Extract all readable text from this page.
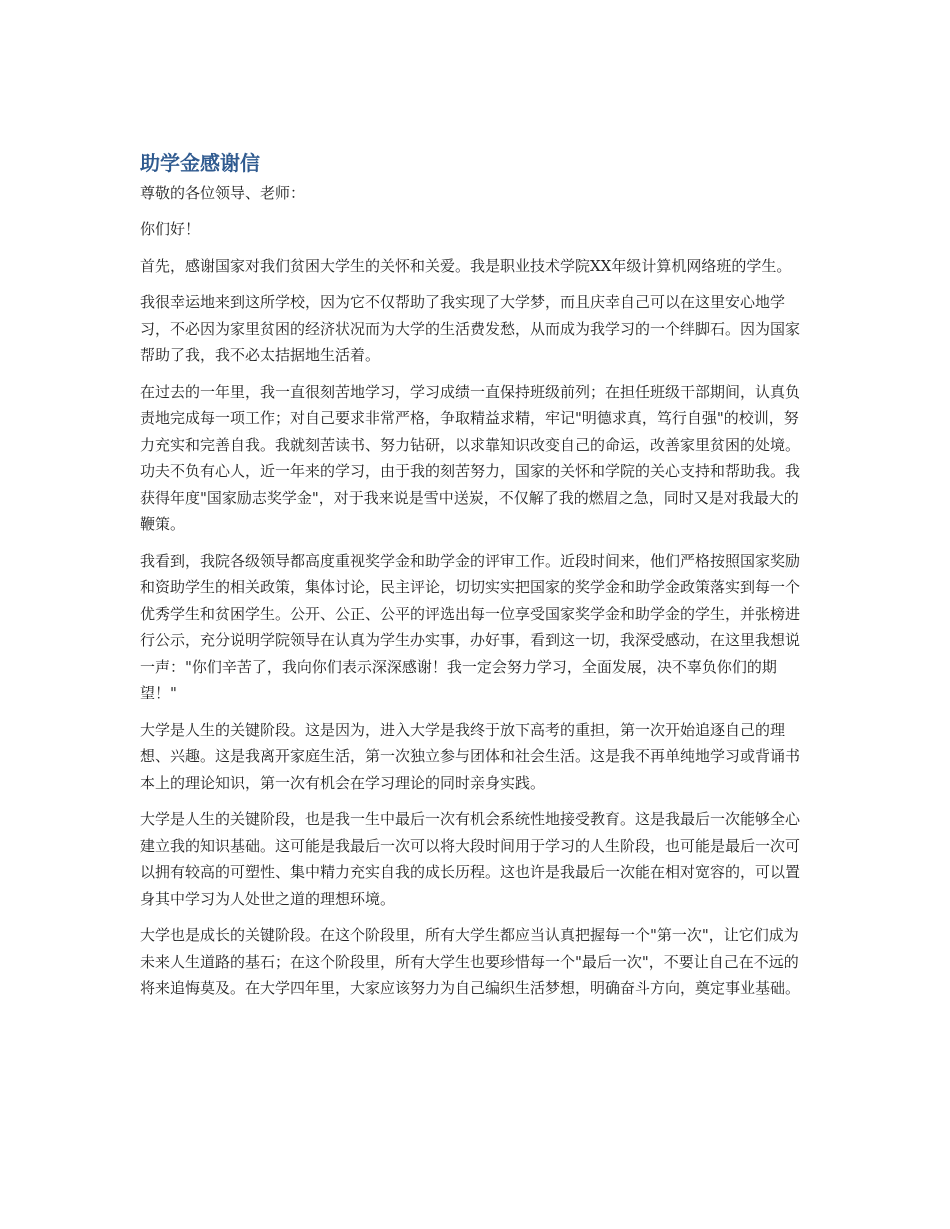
助学金感谢信

尊敬的各位领导、老师：

你们好！

首先，感谢国家对我们贫困大学生的关怀和关爱。我是职业技术学院XX年级计算机网络班的学生。

我很幸运地来到这所学校，因为它不仅帮助了我实现了大学梦，而且庆幸自己可以在这里安心地学习，不必因为家里贫困的经济状况而为大学的生活费发愁，从而成为我学习的一个绊脚石。因为国家帮助了我，我不必太拮据地生活着。

在过去的一年里，我一直很刻苦地学习，学习成绩一直保持班级前列；在担任班级干部期间，认真负责地完成每一项工作；对自己要求非常严格，争取精益求精，牢记"明德求真，笃行自强"的校训，努力充实和完善自我。我就刻苦读书、努力钻研，以求靠知识改变自己的命运，改善家里贫困的处境。功夫不负有心人，近一年来的学习，由于我的刻苦努力，国家的关怀和学院的关心支持和帮助我。我获得年度"国家励志奖学金"，对于我来说是雪中送炭，不仅解了我的燃眉之急，同时又是对我最大的鞭策。

我看到，我院各级领导都高度重视奖学金和助学金的评审工作。近段时间来，他们严格按照国家奖励和资助学生的相关政策，集体讨论，民主评论，切切实实把国家的奖学金和助学金政策落实到每一个优秀学生和贫困学生。公开、公正、公平的评选出每一位享受国家奖学金和助学金的学生，并张榜进行公示，充分说明学院领导在认真为学生办实事，办好事，看到这一切，我深受感动，在这里我想说一声："你们辛苦了，我向你们表示深深感谢！我一定会努力学习，全面发展，决不辜负你们的期望！"

大学是人生的关键阶段。这是因为，进入大学是我终于放下高考的重担，第一次开始追逐自己的理想、兴趣。这是我离开家庭生活，第一次独立参与团体和社会生活。这是我不再单纯地学习或背诵书本上的理论知识，第一次有机会在学习理论的同时亲身实践。

大学是人生的关键阶段，也是我一生中最后一次有机会系统性地接受教育。这是我最后一次能够全心建立我的知识基础。这可能是我最后一次可以将大段时间用于学习的人生阶段，也可能是最后一次可以拥有较高的可塑性、集中精力充实自我的成长历程。这也许是我最后一次能在相对宽容的，可以置身其中学习为人处世之道的理想环境。

大学也是成长的关键阶段。在这个阶段里，所有大学生都应当认真把握每一个"第一次"，让它们成为未来人生道路的基石；在这个阶段里，所有大学生也要珍惜每一个"最后一次"，不要让自己在不远的将来追悔莫及。在大学四年里，大家应该努力为自己编织生活梦想，明确奋斗方向，奠定事业基础。
